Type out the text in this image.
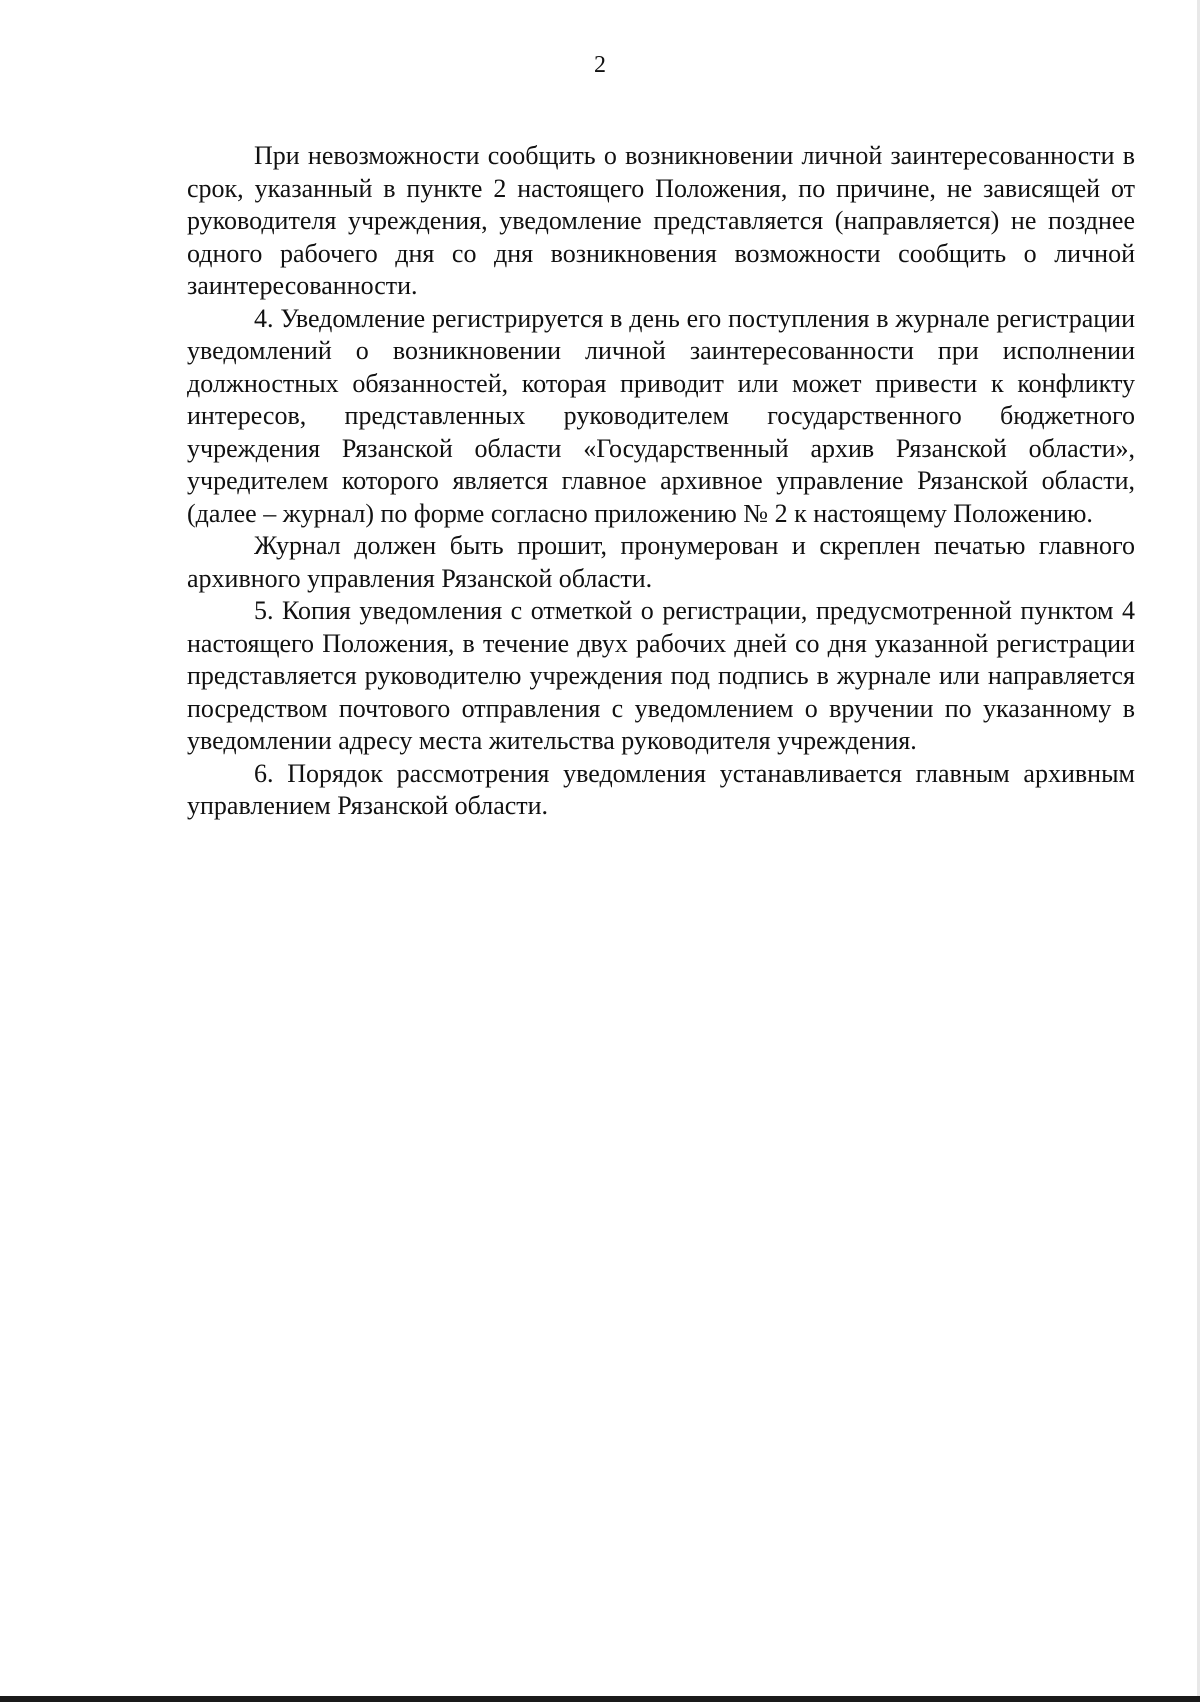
2

При невозможности сообщить о возникновении личной заинтересованности в срок, указанный в пункте 2 настоящего Положения, по причине, не зависящей от руководителя учреждения, уведомление представляется (направляется) не позднее одного рабочего дня со дня возникновения возможности сообщить о личной заинтересованности.

4. Уведомление регистрируется в день его поступления в журнале регистрации уведомлений о возникновении личной заинтересованности при исполнении должностных обязанностей, которая приводит или может привести к конфликту интересов, представленных руководителем государственного бюджетного учреждения Рязанской области «Государственный архив Рязанской области», учредителем которого является главное архивное управление Рязанской области, (далее – журнал) по форме согласно приложению № 2 к настоящему Положению.

Журнал должен быть прошит, пронумерован и скреплен печатью главного архивного управления Рязанской области.

5. Копия уведомления с отметкой о регистрации, предусмотренной пунктом 4 настоящего Положения, в течение двух рабочих дней со дня указанной регистрации представляется руководителю учреждения под подпись в журнале или направляется посредством почтового отправления с уведомлением о вручении по указанному в уведомлении адресу места жительства руководителя учреждения.

6. Порядок рассмотрения уведомления устанавливается главным архивным управлением Рязанской области.
